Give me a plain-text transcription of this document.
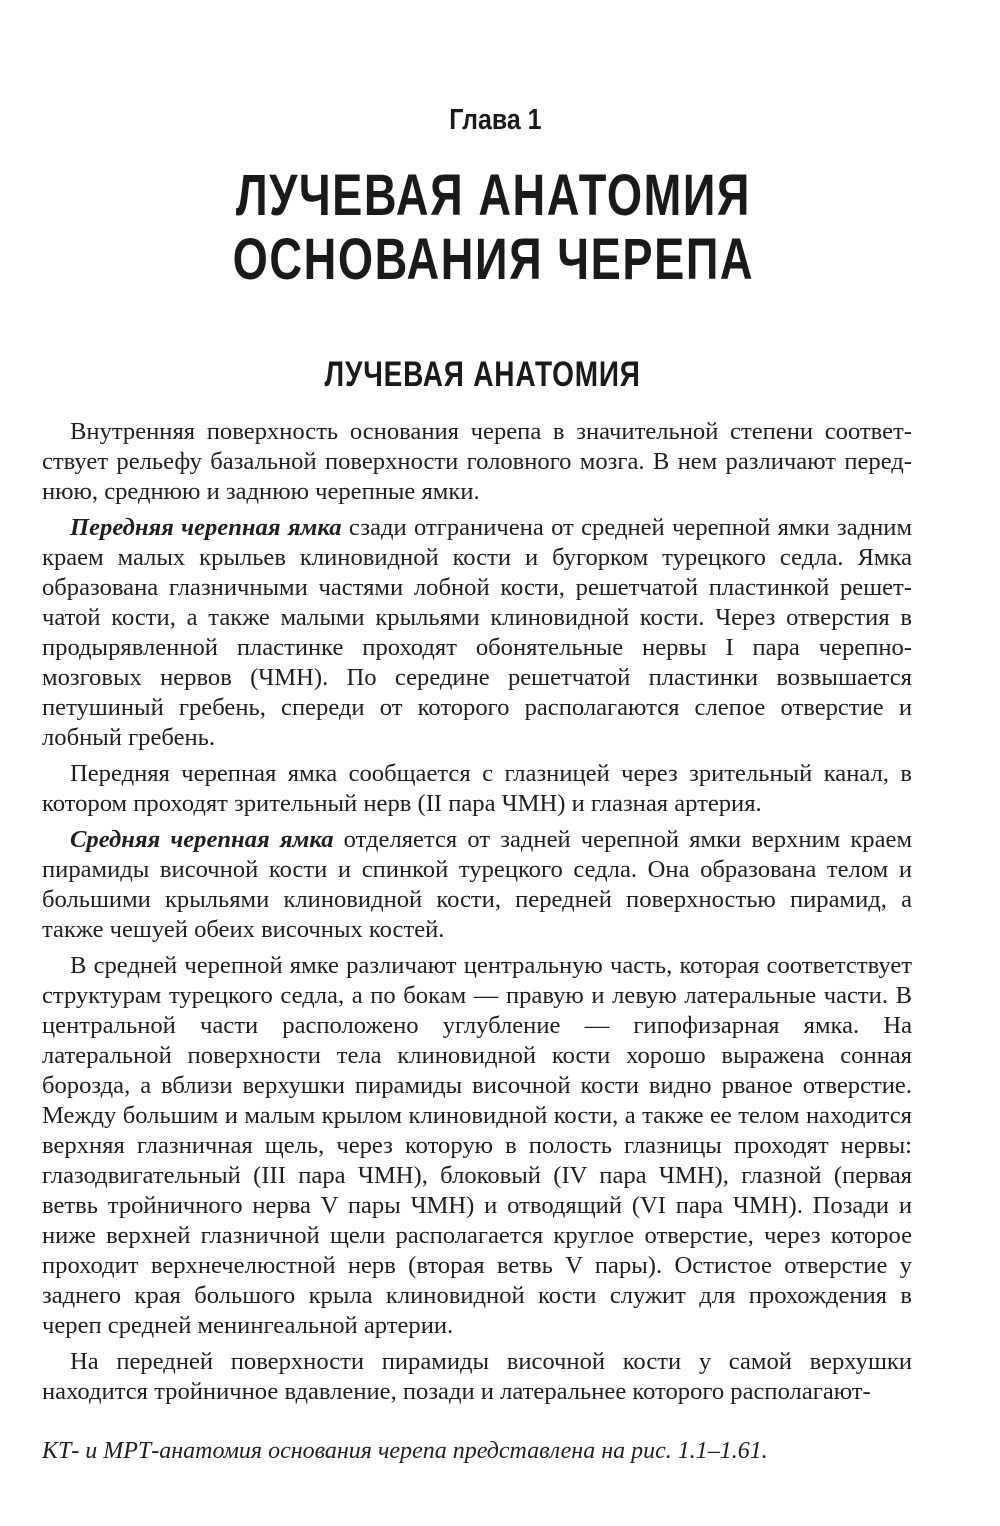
Глава 1
ЛУЧЕВАЯ АНАТОМИЯ
ОСНОВАНИЯ ЧЕРЕПА
ЛУЧЕВАЯ АНАТОМИЯ

Внутренняя поверхность основания черепа в значительной степени соответствует рельефу базальной поверхности головного мозга. В нем различают переднюю, среднюю и заднюю черепные ямки.

Передняя черепная ямка сзади отграничена от средней черепной ямки задним краем малых крыльев клиновидной кости и бугорком турецкого седла. Ямка образована глазничными частями лобной кости, решетчатой пластинкой решетчатой кости, а также малыми крыльями клиновидной кости. Через отверстия в продырявленной пластинке проходят обонятельные нервы I пара черепно-мозговых нервов (ЧМН). По середине решетчатой пластинки возвышается петушиный гребень, спереди от которого располагаются слепое отверстие и лобный гребень.

Передняя черепная ямка сообщается с глазницей через зрительный канал, в котором проходят зрительный нерв (II пара ЧМН) и глазная артерия.

Средняя черепная ямка отделяется от задней черепной ямки верхним краем пирамиды височной кости и спинкой турецкого седла. Она образована телом и большими крыльями клиновидной кости, передней поверхностью пирамид, а также чешуей обеих височных костей.

В средней черепной ямке различают центральную часть, которая соответствует структурам турецкого седла, а по бокам — правую и левую латеральные части. В центральной части расположено углубление — гипофизарная ямка. На латеральной поверхности тела клиновидной кости хорошо выражена сонная борозда, а вблизи верхушки пирамиды височной кости видно рваное отверстие. Между большим и малым крылом клиновидной кости, а также ее телом находится верхняя глазничная щель, через которую в полость глазницы проходят нервы: глазодвигательный (III пара ЧМН), блоковый (IV пара ЧМН), глазной (первая ветвь тройничного нерва V пары ЧМН) и отводящий (VI пара ЧМН). Позади и ниже верхней глазничной щели располагается круглое отверстие, через которое проходит верхнечелюстной нерв (вторая ветвь V пары). Остистое отверстие у заднего края большого крыла клиновидной кости служит для прохождения в череп средней менингеальной артерии.

На передней поверхности пирамиды височной кости у самой верхушки находится тройничное вдавление, позади и латеральнее которого располагают-

КТ- и МРТ-анатомия основания черепа представлена на рис. 1.1–1.61.
